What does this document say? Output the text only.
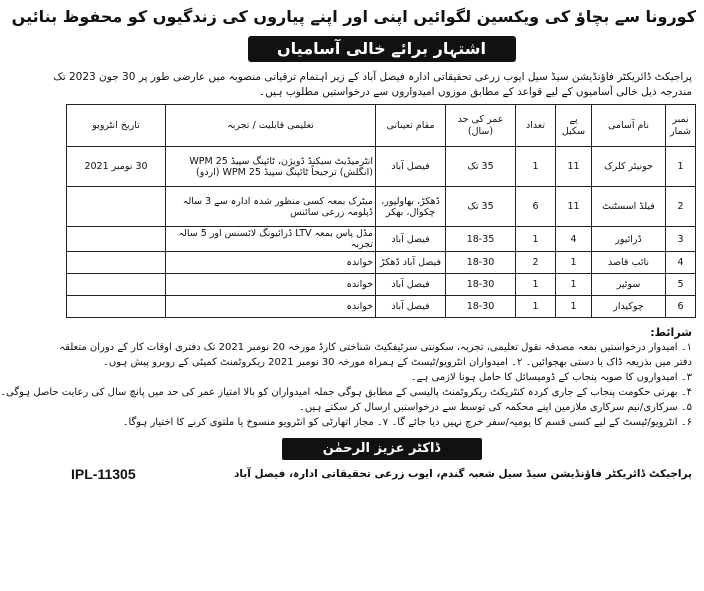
کورونا سے بچاؤ کی ویکسین لگوائیں اپنی اور اپنے پیاروں کی زندگیوں کو محفوظ بنائیں
اشتہار برائے خالی آسامیاں

پراجیکٹ ڈائریکٹر فاؤنڈیشن سیڈ سیل ایوب زرعی تحقیقاتی ادارہ فیصل آباد کے زیر اہتمام ترقیاتی منصوبہ میں عارضی طور پر 30 جون 2023 تک

مندرجہ ذیل خالی آسامیوں کے لیے قواعد کے مطابق موزوں امیدواروں سے درخواستیں مطلوب ہیں۔

نمبر شمار	نام آسامی	پے سکیل	تعداد	عمر کی حد (سال)	مقام تعیناتی	تعلیمی قابلیت / تجربہ	تاریخ انٹرویو
1	جونیئر کلرک	11	1	35 تک	فیصل آباد	انٹرمیڈیٹ سیکنڈ ڈویژن، ٹائپنگ سپیڈ 25 WPM (انگلش) ترجیحاً ٹائپنگ سپیڈ 25 WPM (اردو)	30 نومبر 2021
2	فیلڈ اسسٹنٹ	11	6	35 تک	ڈھکڑ، بھاولپور، چکوال، بھکر	میٹرک بمعہ کسی منظور شدہ ادارہ سے 3 سالہ ڈپلومہ زرعی سائنس	
3	ڈرائیور	4	1	18-35	فیصل آباد	مڈل پاس بمعہ LTV ڈرائیونگ لائسنس اور 5 سالہ تجربہ	
4	نائب قاصد	1	2	18-30	فیصل آباد ڈھکڑ	خواندہ	
5	سوئپر	1	1	18-30	فیصل آباد	خواندہ	
6	چوکیدار	1	1	18-30	فیصل آباد	خواندہ	

شرائط:

۱۔ امیدوار درخواستیں بمعہ مصدقہ نقول تعلیمی، تجربہ، سکونتی سرٹیفکیٹ شناختی کارڈ مورخہ 20 نومبر 2021 تک دفتری اوقات کار کے دوران متعلقہ

دفتر میں بذریعہ ڈاک یا دستی بھجوائیں۔ ۲۔ امیدواران انٹرویو/ٹیسٹ کے ہمراہ مورخہ 30 نومبر 2021 ریکروٹمنٹ کمیٹی کے روبرو پیش ہوں۔

۳۔ امیدواروں کا صوبہ پنجاب کے ڈومیسائل کا حامل ہونا لازمی ہے۔

۴۔ بھرتی حکومت پنجاب کے جاری کردہ کنٹریکٹ ریکروٹمنٹ پالیسی کے مطابق ہوگی جملہ امیدواران کو بالا امتیاز عمر کی حد میں پانچ سال کی رعایت حاصل ہوگی۔

۵۔ سرکاری/نیم سرکاری ملازمین اپنے محکمہ کی توسط سے درخواستیں ارسال کر سکتے ہیں۔

۶۔ انٹرویو/ٹیسٹ کے لیے کسی قسم کا یومیہ/سفر خرچ نہیں دیا جائے گا۔ ۷۔ مجاز اتھارٹی کو انٹرویو منسوخ یا ملتوی کرنے کا اختیار ہوگا۔

ڈاکٹر عزیز الرحمٰن
پراجیکٹ ڈائریکٹر فاؤنڈیشن سیڈ سیل شعبہ گندم، ایوب زرعی تحقیقاتی ادارہ، فیصل آباد
IPL-11305
